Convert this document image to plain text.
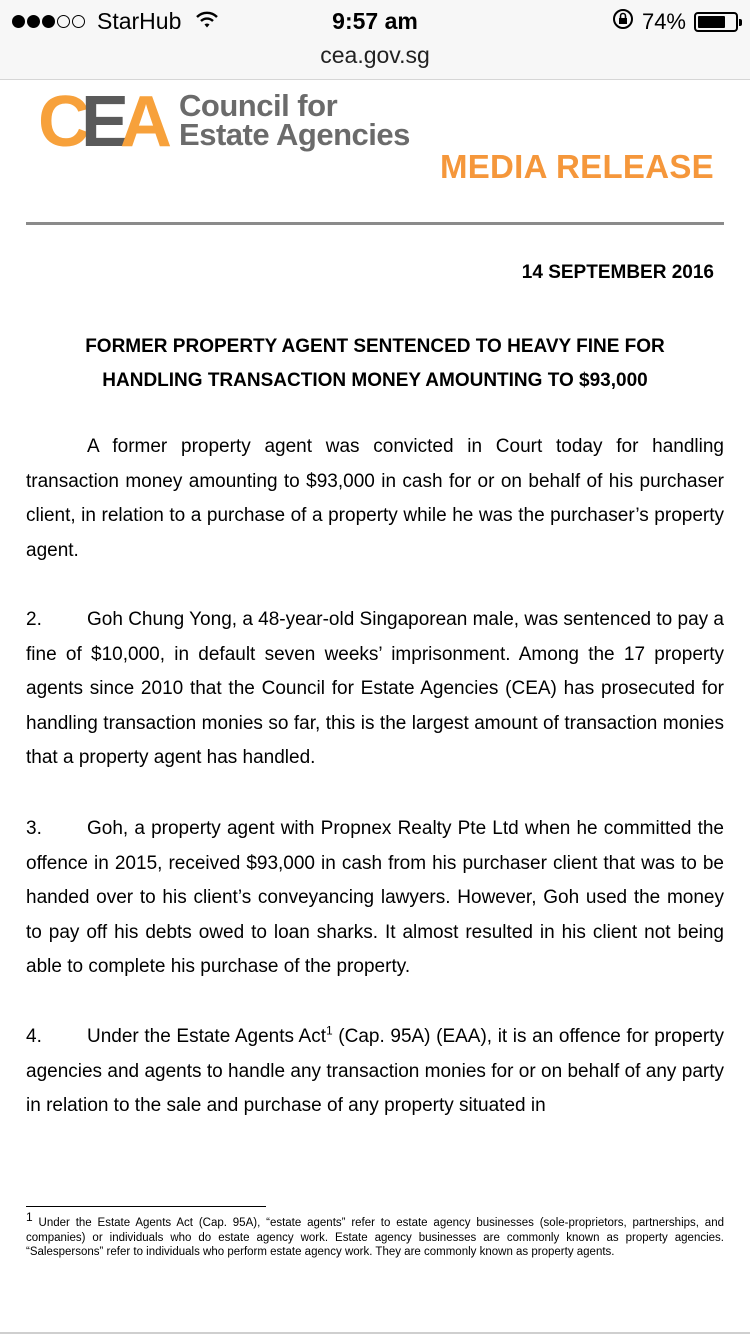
StarHub	9:57 am	74%
cea.gov.sg
C E A Council for
Estate Agencies
MEDIA RELEASE
14 SEPTEMBER 2016
FORMER PROPERTY AGENT SENTENCED TO HEAVY FINE FOR
HANDLING TRANSACTION MONEY AMOUNTING TO $93,000
A former property agent was convicted in Court today for handling transaction money amounting to $93,000 in cash for or on behalf of his purchaser client, in relation to a purchase of a property while he was the purchaser’s property agent.
2. Goh Chung Yong, a 48-year-old Singaporean male, was sentenced to pay a fine of $10,000, in default seven weeks’ imprisonment. Among the 17 property agents since 2010 that the Council for Estate Agencies (CEA) has prosecuted for handling transaction monies so far, this is the largest amount of transaction monies that a property agent has handled.
3. Goh, a property agent with Propnex Realty Pte Ltd when he committed the offence in 2015, received $93,000 in cash from his purchaser client that was to be handed over to his client’s conveyancing lawyers. However, Goh used the money to pay off his debts owed to loan sharks. It almost resulted in his client not being able to complete his purchase of the property.
4. Under the Estate Agents Act$^1$ (Cap. 95A) (EAA), it is an offence for property agencies and agents to handle any transaction monies for or on behalf of any party in relation to the sale and purchase of any property situated in
$^1$ Under the Estate Agents Act (Cap. 95A), “estate agents” refer to estate agency businesses (sole-proprietors, partnerships, and companies) or individuals who do estate agency work. Estate agency businesses are commonly known as property agencies. “Salespersons” refer to individuals who perform estate agency work. They are commonly known as property agents.
